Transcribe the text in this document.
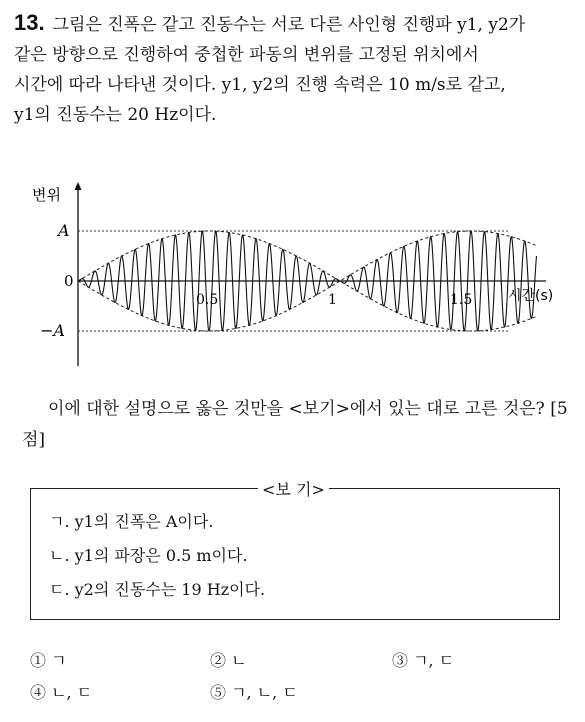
13. 그림은 진폭은 같고 진동수는 서로 다른 사인형 진행파 y1, y2가

같은 방향으로 진행하여 중첩한 파동의 변위를 고정된 위치에서

시간에 따라 나타낸 것이다. y1, y2의 진행 속력은 10 m/s로 같고,

y1의 진동수는 20 Hz이다.

변위
A
0
−A
0.5	1	1.5	시간(s)
이에 대한 설명으로 옳은 것만을 <보기>에서 있는 대로 고른 것은? [5점]
ㄱ. y1의 진폭은 A이다.
ㄴ. y1의 파장은 0.5 m이다.
ㄷ. y2의 진동수는 19 Hz이다.
<보 기>
① ㄱ	② ㄴ	③ ㄱ, ㄷ
④ ㄴ, ㄷ	⑤ ㄱ, ㄴ, ㄷ
